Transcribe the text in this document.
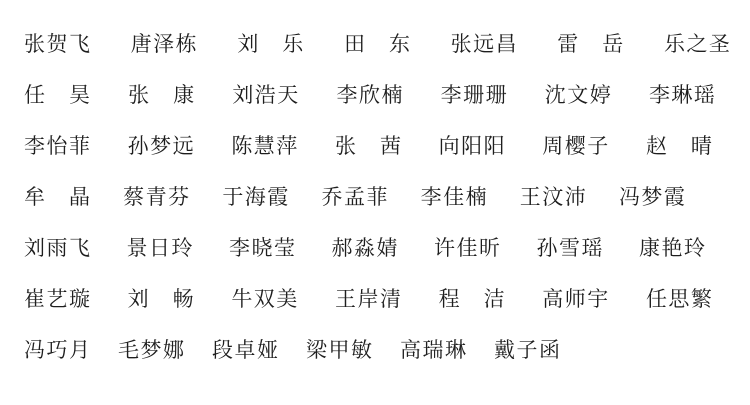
张贺飞 唐泽栋 刘乐 田东 张远昌 雷岳 乐之圣
任昊 张康 刘浩天 李欣楠 李珊珊 沈文婷 李琳瑶
李怡菲 孙梦远 陈慧萍 张茜 向阳阳 周樱子 赵晴
牟晶 蔡青芬 于海霞 乔孟菲 李佳楠 王汶沛 冯梦霞
刘雨飞 景日玲 李晓莹 郝淼婧 许佳昕 孙雪瑶 康艳玲
崔艺璇 刘畅 牛双美 王岸清 程洁 高师宇 任思繁
冯巧月 毛梦娜 段卓娅 梁甲敏 高瑞琳 戴子函
